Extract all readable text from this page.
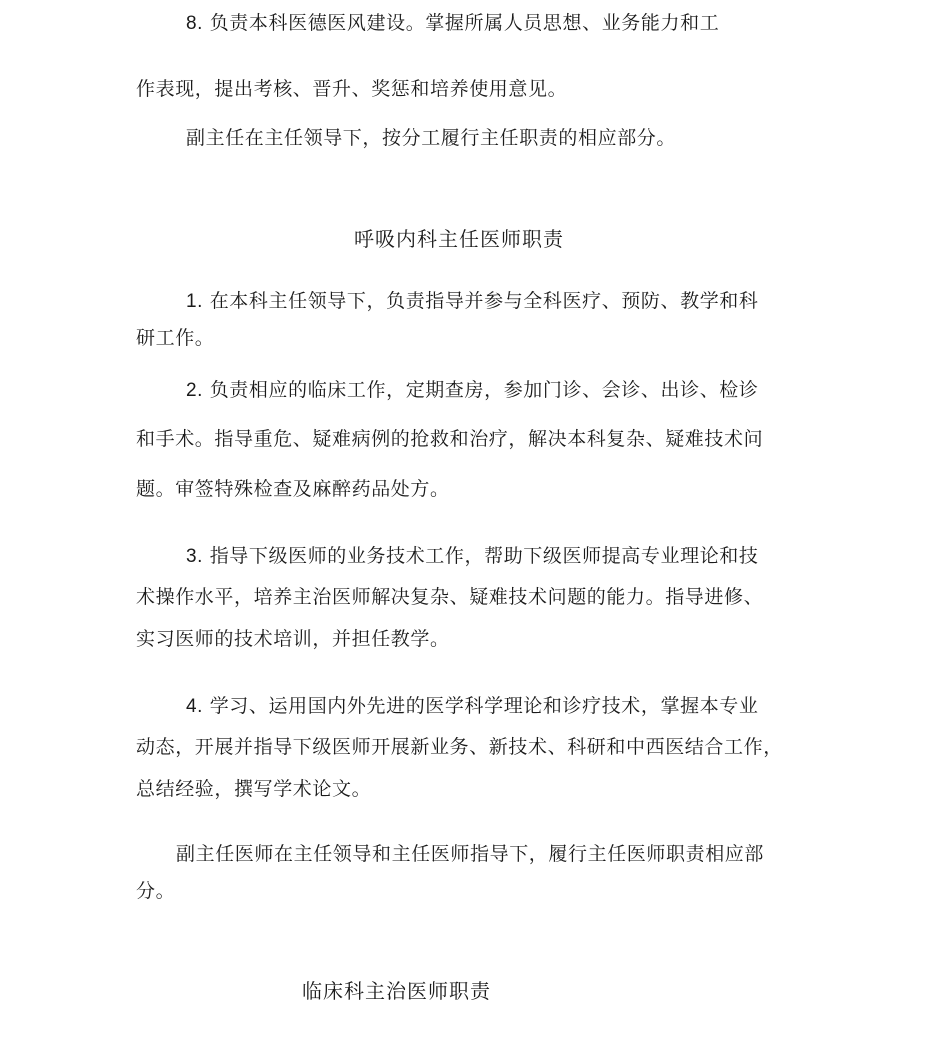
8. 负责本科医德医风建设。掌握所属人员思想、业务能力和工
作表现，提出考核、晋升、奖惩和培养使用意见。
副主任在主任领导下，按分工履行主任职责的相应部分。
呼吸内科主任医师职责
1. 在本科主任领导下，负责指导并参与全科医疗、预防、教学和科
研工作。
2. 负责相应的临床工作，定期查房，参加门诊、会诊、出诊、检诊
和手术。指导重危、疑难病例的抢救和治疗，解决本科复杂、疑难技术问
题。审签特殊检查及麻醉药品处方。
3. 指导下级医师的业务技术工作，帮助下级医师提高专业理论和技
术操作水平，培养主治医师解决复杂、疑难技术问题的能力。指导进修、
实习医师的技术培训，并担任教学。
4. 学习、运用国内外先进的医学科学理论和诊疗技术，掌握本专业
动态，开展并指导下级医师开展新业务、新技术、科研和中西医结合工作，
总结经验，撰写学术论文。
副主任医师在主任领导和主任医师指导下，履行主任医师职责相应部
分。
临床科主治医师职责
